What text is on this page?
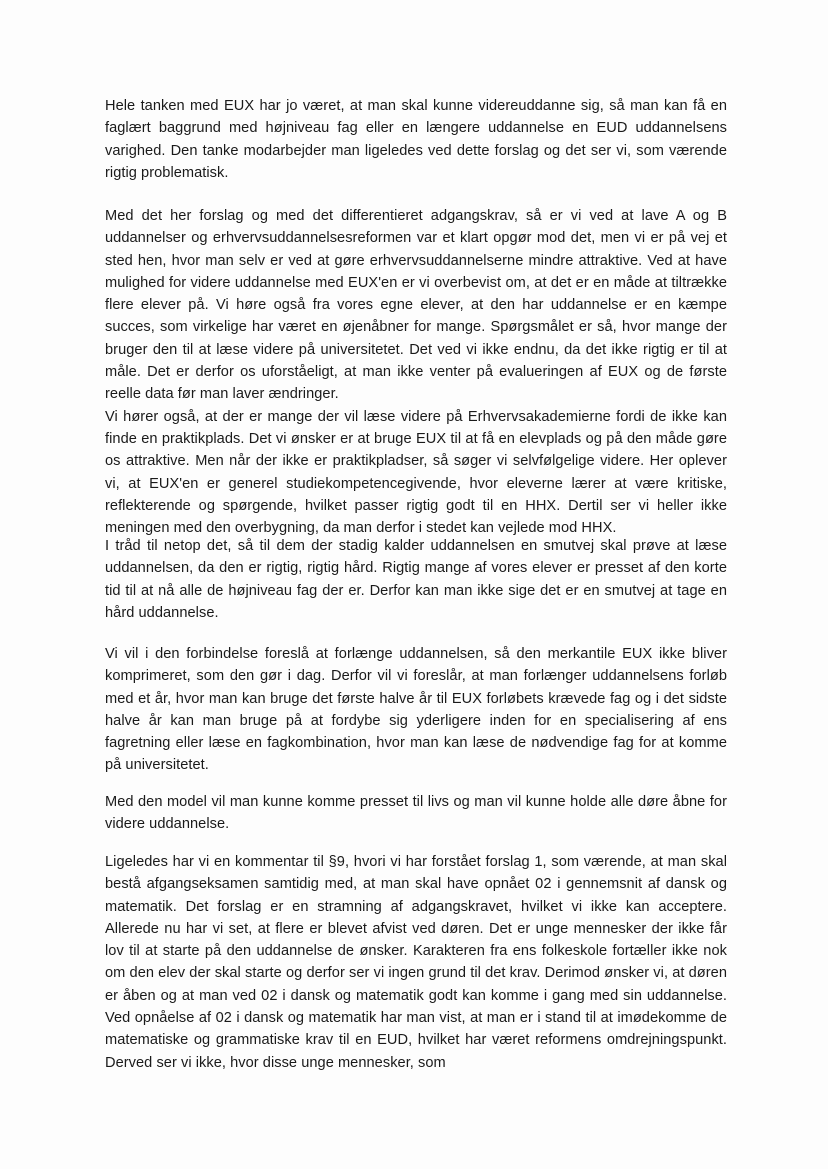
Hele tanken med EUX har jo været, at man skal kunne videreuddanne sig, så man kan få en faglært baggrund med højniveau fag eller en længere uddannelse en EUD uddannelsens varighed. Den tanke modarbejder man ligeledes ved dette forslag og det ser vi, som værende rigtig problematisk.

Med det her forslag og med det differentieret adgangskrav, så er vi ved at lave A og B uddannelser og erhvervsuddannelsesreformen var et klart opgør mod det, men vi er på vej et sted hen, hvor man selv er ved at gøre erhvervsuddannelserne mindre attraktive. Ved at have mulighed for videre uddannelse med EUX'en er vi overbevist om, at det er en måde at tiltrække flere elever på. Vi høre også fra vores egne elever, at den har uddannelse er en kæmpe succes, som virkelige har været en øjenåbner for mange. Spørgsmålet er så, hvor mange der bruger den til at læse videre på universitetet. Det ved vi ikke endnu, da det ikke rigtig er til at måle. Det er derfor os uforståeligt, at man ikke venter på evalueringen af EUX og de første reelle data før man laver ændringer.
Vi hører også, at der er mange der vil læse videre på Erhvervsakademierne fordi de ikke kan finde en praktikplads. Det vi ønsker er at bruge EUX til at få en elevplads og på den måde gøre os attraktive. Men når der ikke er praktikpladser, så søger vi selvfølgelige videre. Her oplever vi, at EUX'en er generel studiekompetencegivende, hvor eleverne lærer at være kritiske, reflekterende og spørgende, hvilket passer rigtig godt til en HHX. Dertil ser vi heller ikke meningen med den overbygning, da man derfor i stedet kan vejlede mod HHX.

I tråd til netop det, så til dem der stadig kalder uddannelsen en smutvej skal prøve at læse uddannelsen, da den er rigtig, rigtig hård. Rigtig mange af vores elever er presset af den korte tid til at nå alle de højniveau fag der er. Derfor kan man ikke sige det er en smutvej at tage en hård uddannelse.

Vi vil i den forbindelse foreslå at forlænge uddannelsen, så den merkantile EUX ikke bliver komprimeret, som den gør i dag. Derfor vil vi foreslår, at man forlænger uddannelsens forløb med et år, hvor man kan bruge det første halve år til EUX forløbets krævede fag og i det sidste halve år kan man bruge på at fordybe sig yderligere inden for en specialisering af ens fagretning eller læse en fagkombination, hvor man kan læse de nødvendige fag for at komme på universitetet.

Med den model vil man kunne komme presset til livs og man vil kunne holde alle døre åbne for videre uddannelse.

Ligeledes har vi en kommentar til §9, hvori vi har forstået forslag 1, som værende, at man skal bestå afgangseksamen samtidig med, at man skal have opnået 02 i gennemsnit af dansk og matematik. Det forslag er en stramning af adgangskravet, hvilket vi ikke kan acceptere. Allerede nu har vi set, at flere er blevet afvist ved døren. Det er unge mennesker der ikke får lov til at starte på den uddannelse de ønsker. Karakteren fra ens folkeskole fortæller ikke nok om den elev der skal starte og derfor ser vi ingen grund til det krav. Derimod ønsker vi, at døren er åben og at man ved 02 i dansk og matematik godt kan komme i gang med sin uddannelse. Ved opnåelse af 02 i dansk og matematik har man vist, at man er i stand til at imødekomme de matematiske og grammatiske krav til en EUD, hvilket har været reformens omdrejningspunkt. Derved ser vi ikke, hvor disse unge mennesker, som
